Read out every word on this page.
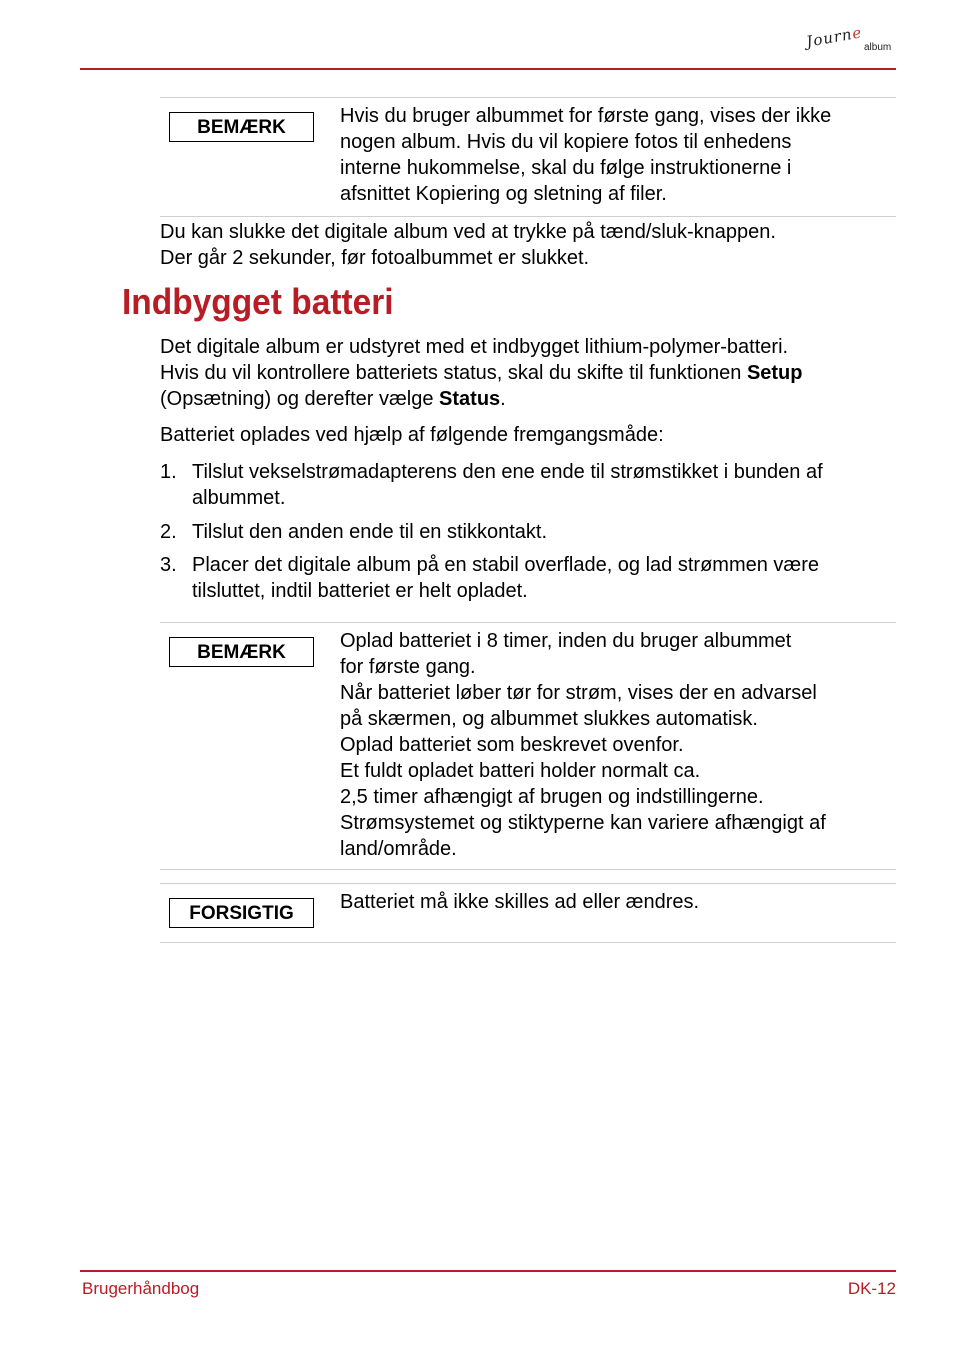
Journe
album
BEMÆRK
Hvis du bruger albummet for første gang, vises der ikke
nogen album. Hvis du vil kopiere fotos til enhedens
interne hukommelse, skal du følge instruktionerne i
afsnittet Kopiering og sletning af filer.
Du kan slukke det digitale album ved at trykke på tænd/sluk-knappen.
Der går 2 sekunder, før fotoalbummet er slukket.
Indbygget batteri
Det digitale album er udstyret med et indbygget lithium-polymer-batteri.
Hvis du vil kontrollere batteriets status, skal du skifte til funktionen Setup
(Opsætning) og derefter vælge Status.
Batteriet oplades ved hjælp af følgende fremgangsmåde:
1. Tilslut vekselstrømadapterens den ene ende til strømstikket i bunden af
albummet.
2. Tilslut den anden ende til en stikkontakt.
3. Placer det digitale album på en stabil overflade, og lad strømmen være
tilsluttet, indtil batteriet er helt opladet.
BEMÆRK
Oplad batteriet i 8 timer, inden du bruger albummet
for første gang.
Når batteriet løber tør for strøm, vises der en advarsel
på skærmen, og albummet slukkes automatisk.
Oplad batteriet som beskrevet ovenfor.
Et fuldt opladet batteri holder normalt ca.
2,5 timer afhængigt af brugen og indstillingerne.
Strømsystemet og stiktyperne kan variere afhængigt af
land/område.
FORSIGTIG
Batteriet må ikke skilles ad eller ændres.
Brugerhåndbog	DK-12
